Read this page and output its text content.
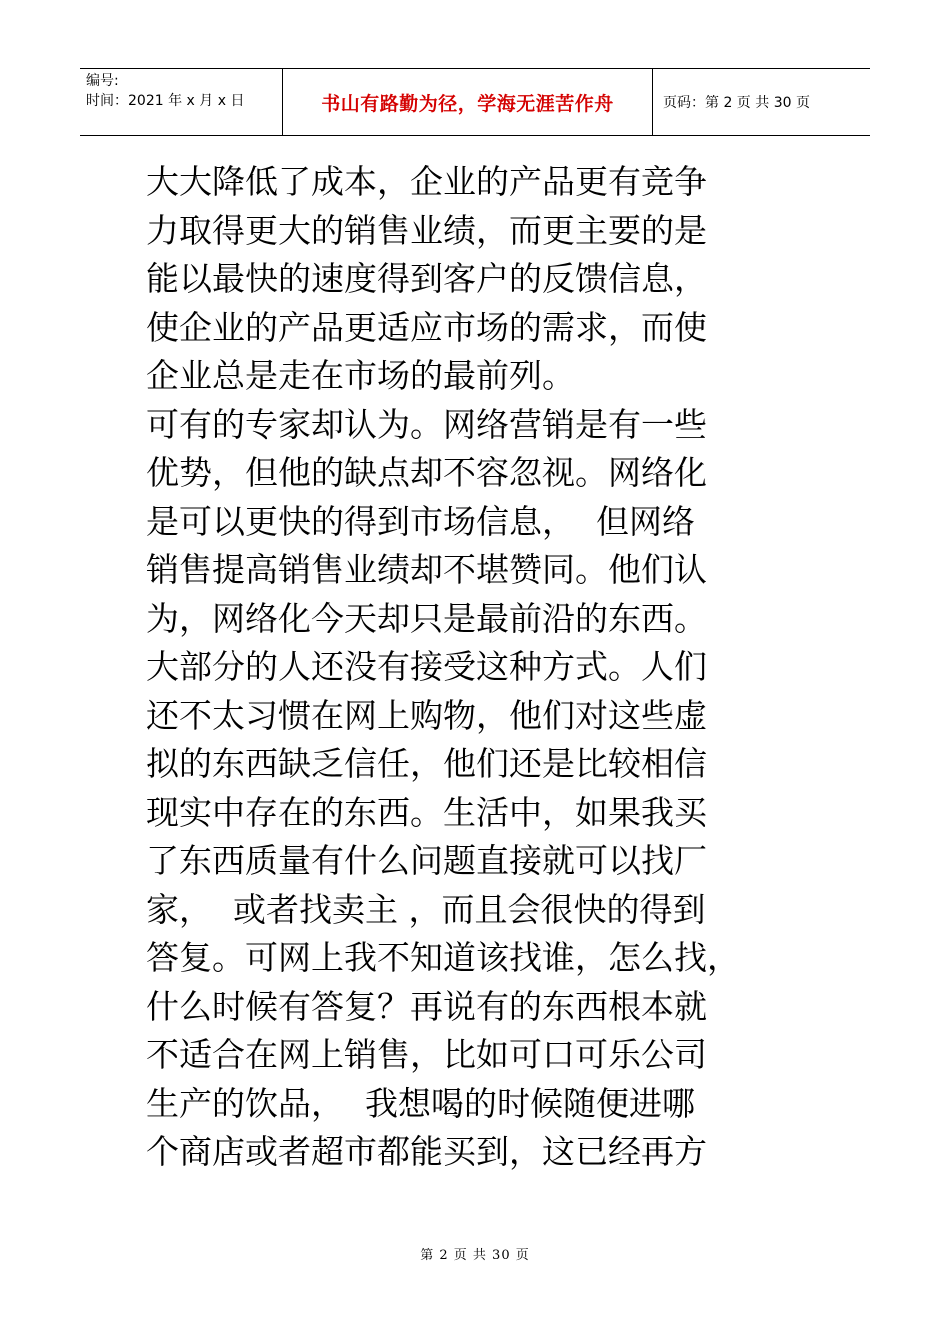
编号:
时间：2021 年 x 月 x 日	书山有路勤为径，学海无涯苦作舟	页码：第 2 页 共 30 页
大大降低了成本，企业的产品更有竞争
力取得更大的销售业绩，而更主要的是
能以最快的速度得到客户的反馈信息，
使企业的产品更适应市场的需求，而使
企业总是走在市场的最前列。
可有的专家却认为。网络营销是有一些
优势，但他的缺点却不容忽视。网络化
是可以更快的得到市场信息，  但网络
销售提高销售业绩却不堪赞同。他们认
为，网络化今天却只是最前沿的东西。
大部分的人还没有接受这种方式。人们
还不太习惯在网上购物，他们对这些虚
拟的东西缺乏信任，他们还是比较相信
现实中存在的东西。生活中，如果我买
了东西质量有什么问题直接就可以找厂
家，  或者找卖主 ，而且会很快的得到
答复。可网上我不知道该找谁，怎么找，
什么时候有答复？再说有的东西根本就
不适合在网上销售，比如可口可乐公司
生产的饮品，  我想喝的时候随便进哪
个商店或者超市都能买到，这已经再方
第 2 页 共 30 页
